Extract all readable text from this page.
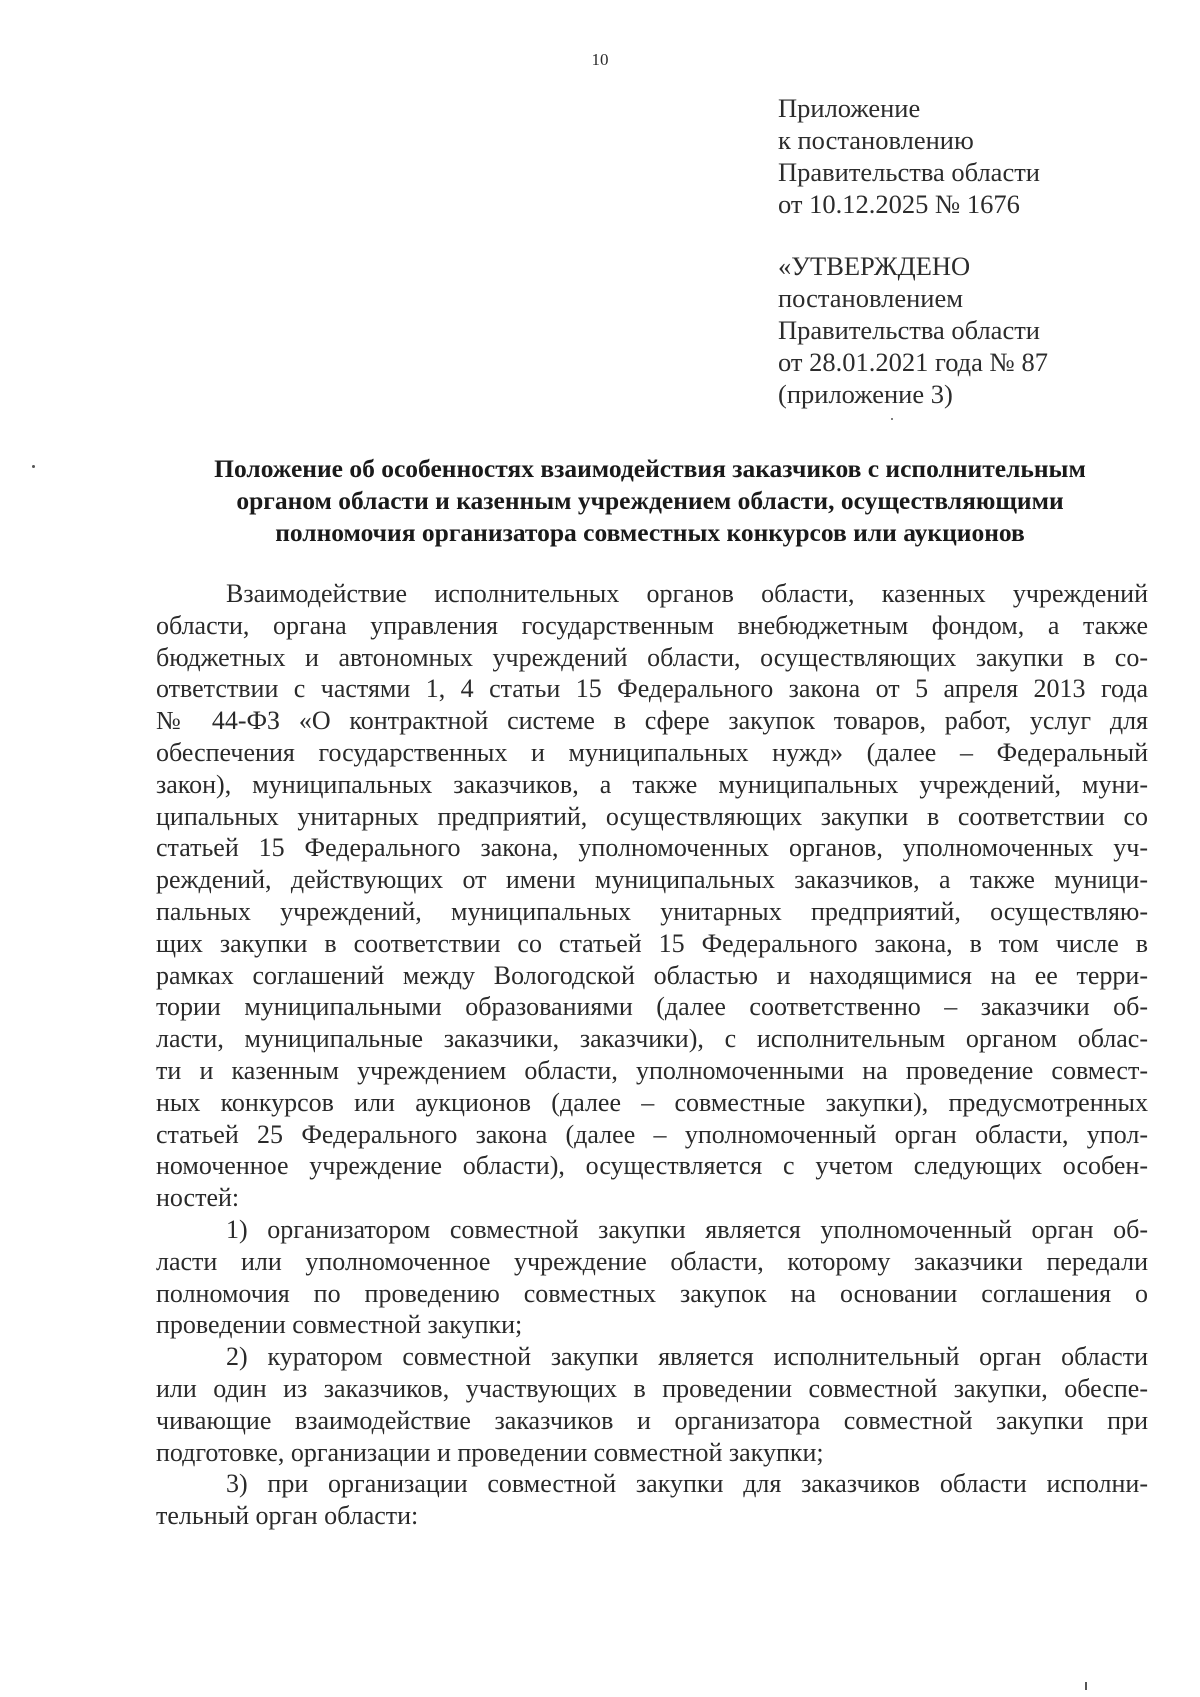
10
Приложение
к постановлению
Правительства области
от 10.12.2025 № 1676
«УТВЕРЖДЕНО
постановлением
Правительства области
от 28.01.2021 года № 87
(приложение 3)
Положение об особенностях взаимодействия заказчиков с исполнительным
органом области и казенным учреждением области, осуществляющими
полномочия организатора совместных конкурсов или аукционов
Взаимодействие исполнительных органов области, казенных учреждений
области, органа управления государственным внебюджетным фондом, а также
бюджетных и автономных учреждений области, осуществляющих закупки в со-
ответствии с частями 1, 4 статьи 15 Федерального закона от 5 апреля 2013 года
№ 44-ФЗ «О контрактной системе в сфере закупок товаров, работ, услуг для
обеспечения государственных и муниципальных нужд» (далее – Федеральный
закон), муниципальных заказчиков, а также муниципальных учреждений, муни-
ципальных унитарных предприятий, осуществляющих закупки в соответствии со
статьей 15 Федерального закона, уполномоченных органов, уполномоченных уч-
реждений, действующих от имени муниципальных заказчиков, а также муници-
пальных учреждений, муниципальных унитарных предприятий, осуществляю-
щих закупки в соответствии со статьей 15 Федерального закона, в том числе в
рамках соглашений между Вологодской областью и находящимися на ее терри-
тории муниципальными образованиями (далее соответственно – заказчики об-
ласти, муниципальные заказчики, заказчики), с исполнительным органом облас-
ти и казенным учреждением области, уполномоченными на проведение совмест-
ных конкурсов или аукционов (далее – совместные закупки), предусмотренных
статьей 25 Федерального закона (далее – уполномоченный орган области, упол-
номоченное учреждение области), осуществляется с учетом следующих особен-
ностей:
1) организатором совместной закупки является уполномоченный орган об-
ласти или уполномоченное учреждение области, которому заказчики передали
полномочия по проведению совместных закупок на основании соглашения о
проведении совместной закупки;
2) куратором совместной закупки является исполнительный орган области
или один из заказчиков, участвующих в проведении совместной закупки, обеспе-
чивающие взаимодействие заказчиков и организатора совместной закупки при
подготовке, организации и проведении совместной закупки;
3) при организации совместной закупки для заказчиков области исполни-
тельный орган области:
